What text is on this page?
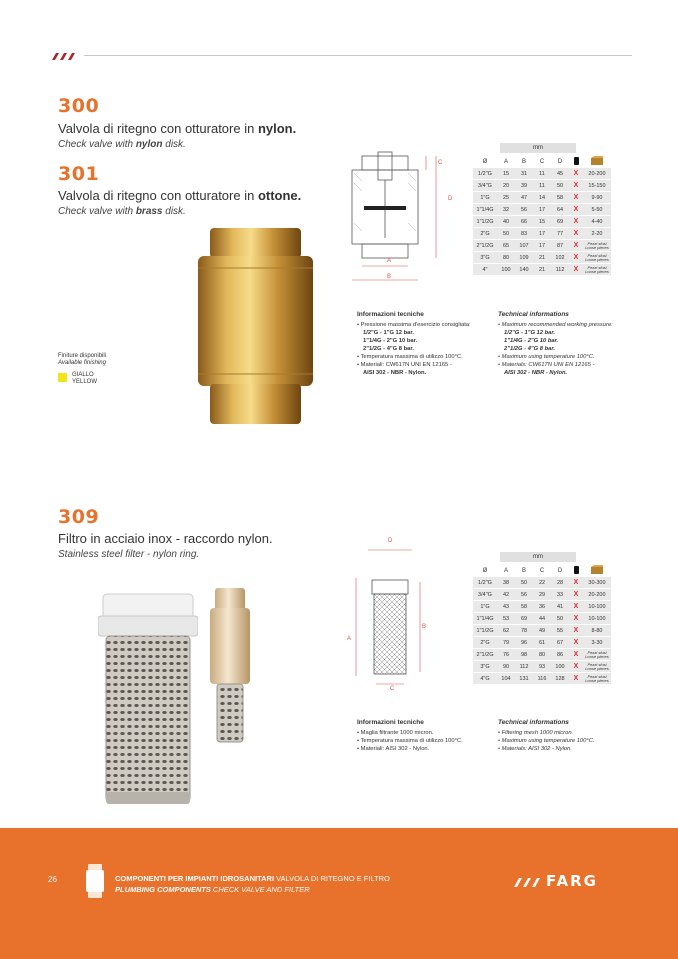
300
Valvola di ritegno con otturatore in nylon.
Check valve with nylon disk.
301
Valvola di ritegno con otturatore in ottone.
Check valve with brass disk.
Finiture disponibili
Available finishing
GIALLO
YELLOW
A
B
C
D
mm
Ø	A	B	C	D		
1/2"G	15	31	11	45	X	20-200
3/4"G	20	39	11	50	X	15-150
1"G	25	47	14	58	X	9-90
1"1/4G	32	56	17	64	X	5-50
1"1/2G	40	66	15	69	X	4-40
2"G	50	83	17	77	X	2-20
2"1/2G	65	107	17	87	X	Pezzi sfusi Loose pieces
3"G	80	109	21	102	X	Pezzi sfusi Loose pieces
4"	100	140	21	112	X	Pezzi sfusi Loose pieces
Informazioni tecniche
• Pressione massima d'esercizio consigliata:
1/2"G - 1"G 12 bar.
1"1/4G - 2"G 10 bar.
2"1/2G - 4"G 8 bar.
• Temperatura massima di utilizzo 100°C.
• Materiali: CW617N UNI EN 12165 -
AISI 302 - NBR - Nylon.
Technical informations
• Maximum recommended working pressure:
1/2"G - 1"G 12 bar.
1"1/4G - 2"G 10 bar.
2"1/2G - 4"G 8 bar.
• Maximum using temperature 100°C.
• Materials: CW617N UNI EN 12165 -
AISI 302 - NBR - Nylon.
309
Filtro in acciaio inox - raccordo nylon.
Stainless steel filter - nylon ring.
D
A
B
C
mm
Ø	A	B	C	D		
1/2"G	38	50	22	28	X	30-300
3/4"G	42	56	29	33	X	20-200
1"G	43	58	36	41	X	10-100
1"1/4G	53	69	44	50	X	10-100
1"1/2G	62	78	49	55	X	8-80
2"G	79	96	61	67	X	3-30
2"1/2G	76	98	80	86	X	Pezzi sfusi Loose pieces
3"G	90	112	93	100	X	Pezzi sfusi Loose pieces
4"G	104	131	116	128	X	Pezzi sfusi Loose pieces
Informazioni tecniche
• Maglia filtrante 1000 micron.
• Temperatura massima di utilizzo 100°C.
• Materiali: AISI 302 - Nylon.
Technical informations
• Filtering mesh 1000 micron.
• Maximum using temperature 100°C.
• Materials: AISI 302 - Nylon.
26	COMPONENTI PER IMPIANTI IDROSANITARI VALVOLA DI RITEGNO E FILTRO
PLUMBING COMPONENTS CHECK VALVE AND FILTER	FARG
